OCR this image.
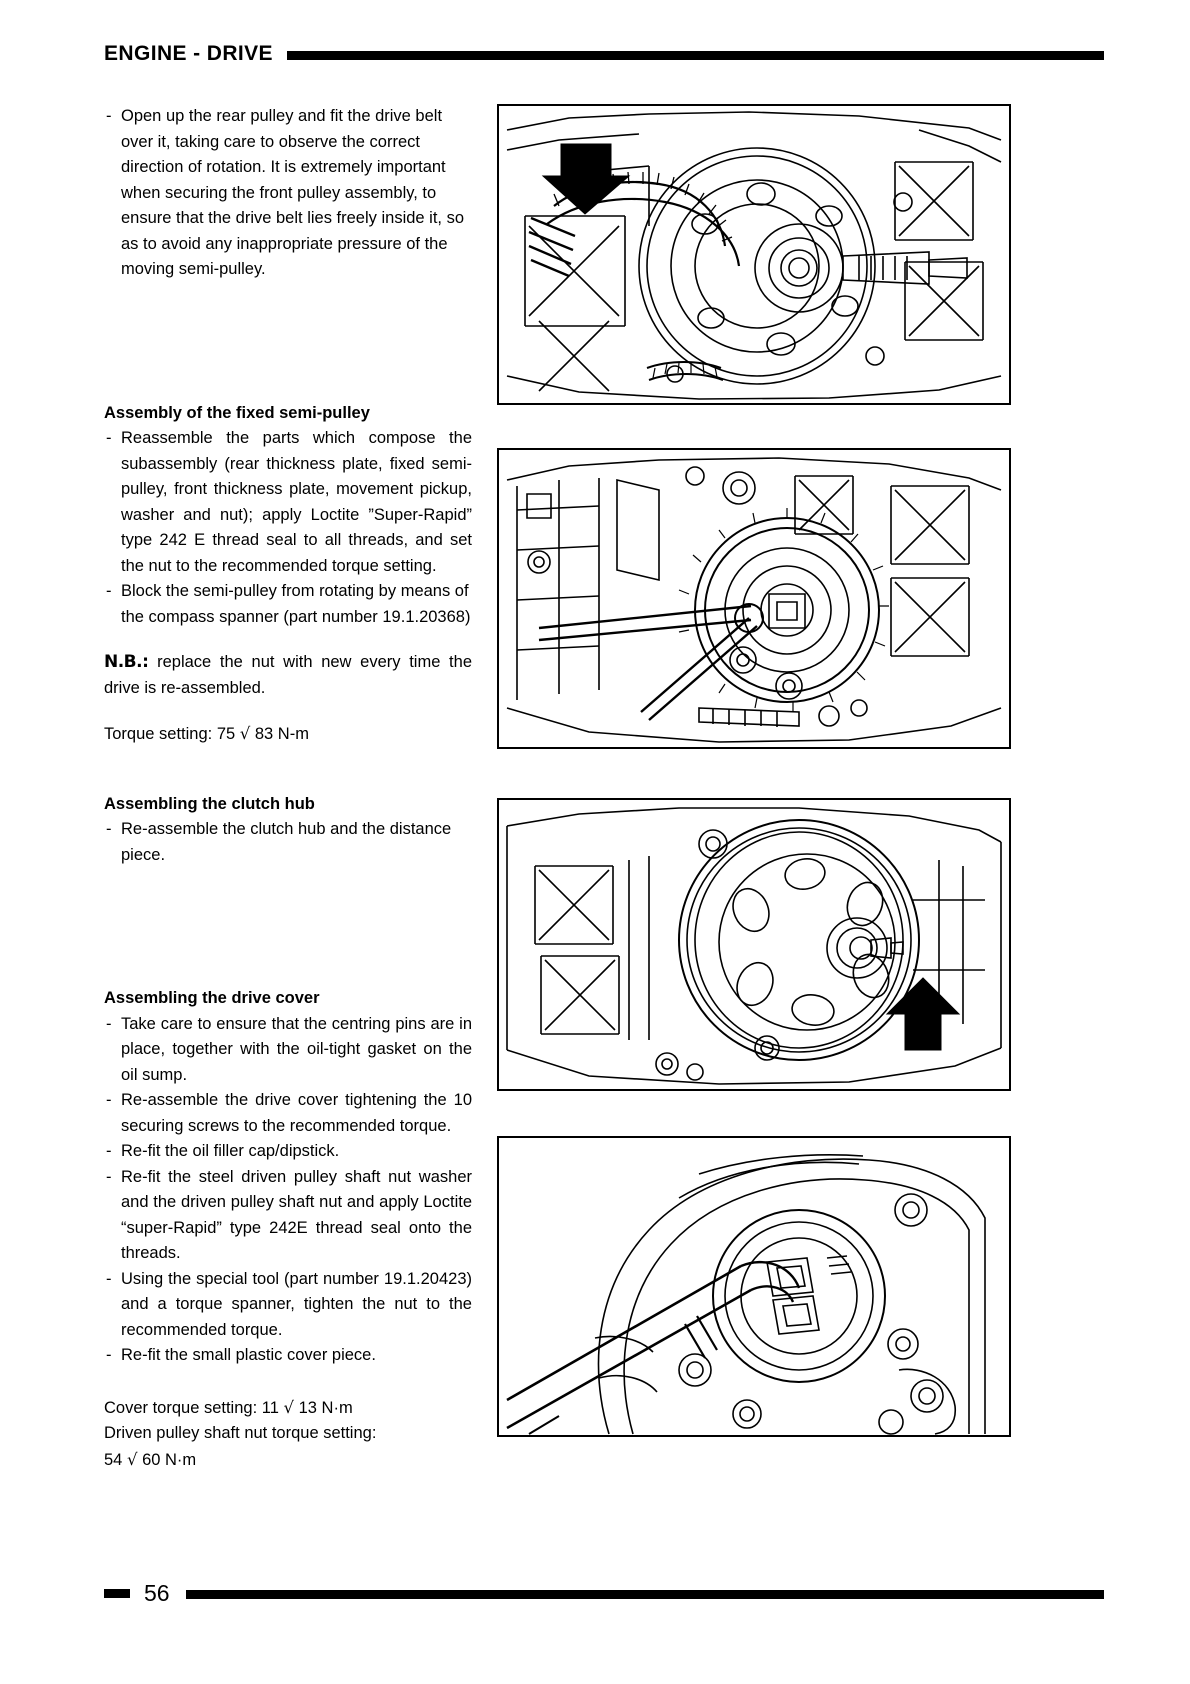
ENGINE - DRIVE
- Open up the rear pulley and fit the drive belt over it, taking care to observe the correct direction of rotation. It is extremely important when securing the front pulley assembly, to ensure that the drive belt lies freely inside it, so as to avoid any inappropriate pressure of the moving semi-pulley.
Assembly of the fixed semi-pulley
- Reassemble the parts which compose the subassembly (rear thickness plate, fixed semi-pulley, front thickness plate, movement pickup, washer and nut); apply Loctite ”Super-Rapid” type 242 E thread seal to all threads, and set the nut to the recommended torque setting.
- Block the semi-pulley from rotating by means of the compass spanner (part number 19.1.20368)
N.B.: replace the nut with new every time the drive is re-assembled.
Torque setting: 75 √ 83 N-m
Assembling the clutch hub
- Re-assemble the clutch hub and the distance piece.
Assembling the drive cover
- Take care to ensure that the centring pins are in place, together with the oil-tight gasket on the oil sump.
- Re-assemble the drive cover tightening the 10 securing screws to the recommended torque.
- Re-fit the oil filler cap/dipstick.
- Re-fit the steel driven pulley shaft nut washer and the driven pulley shaft nut and apply Loctite “super-Rapid” type 242E thread seal onto the threads.
- Using the special tool (part number 19.1.20423) and a torque spanner, tighten the nut to the recommended torque.
- Re-fit the small plastic cover piece.
Cover torque setting: 11 √ 13 N·m
Driven pulley shaft nut torque setting:
54 √ 60 N·m
56
